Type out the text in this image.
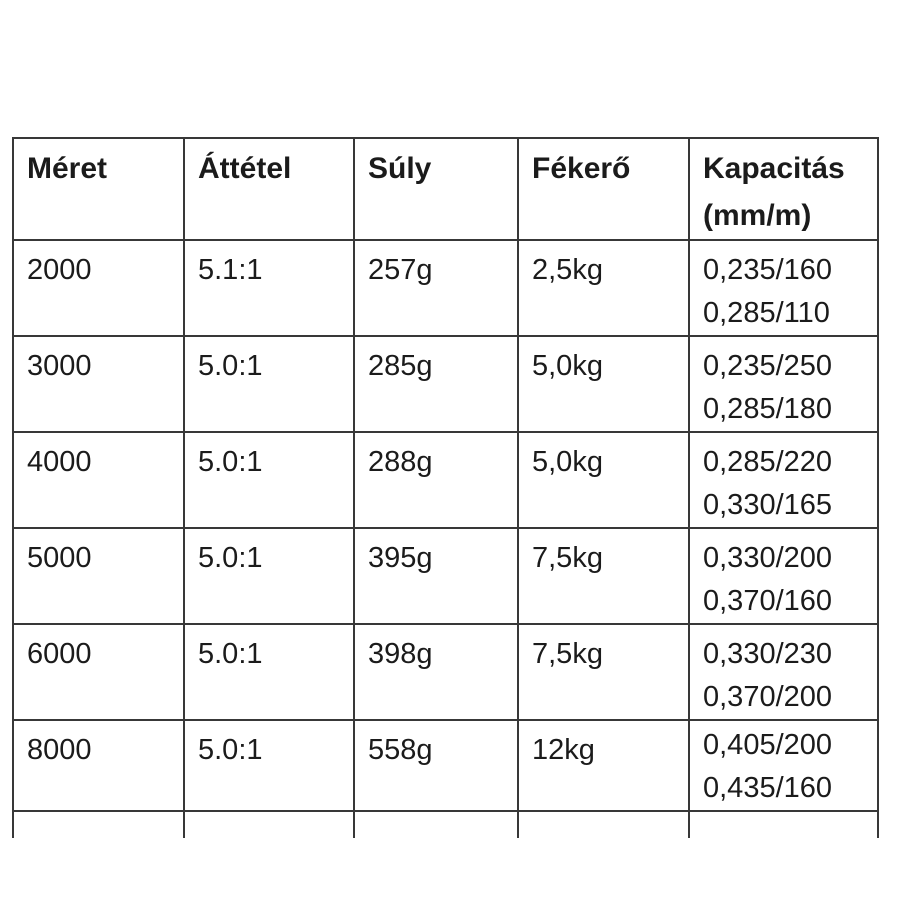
Méret	Áttétel	Súly	Fékerő	Kapacitás
(mm/m)

2000	5.1:1	257g	2,5kg	0,235/160
0,285/110

3000	5.0:1	285g	5,0kg	0,235/250
0,285/180

4000	5.0:1	288g	5,0kg	0,285/220
0,330/165

5000	5.0:1	395g	7,5kg	0,330/200
0,370/160

6000	5.0:1	398g	7,5kg	0,330/230
0,370/200

8000	5.0:1	558g	12kg	0,405/200
0,435/160
